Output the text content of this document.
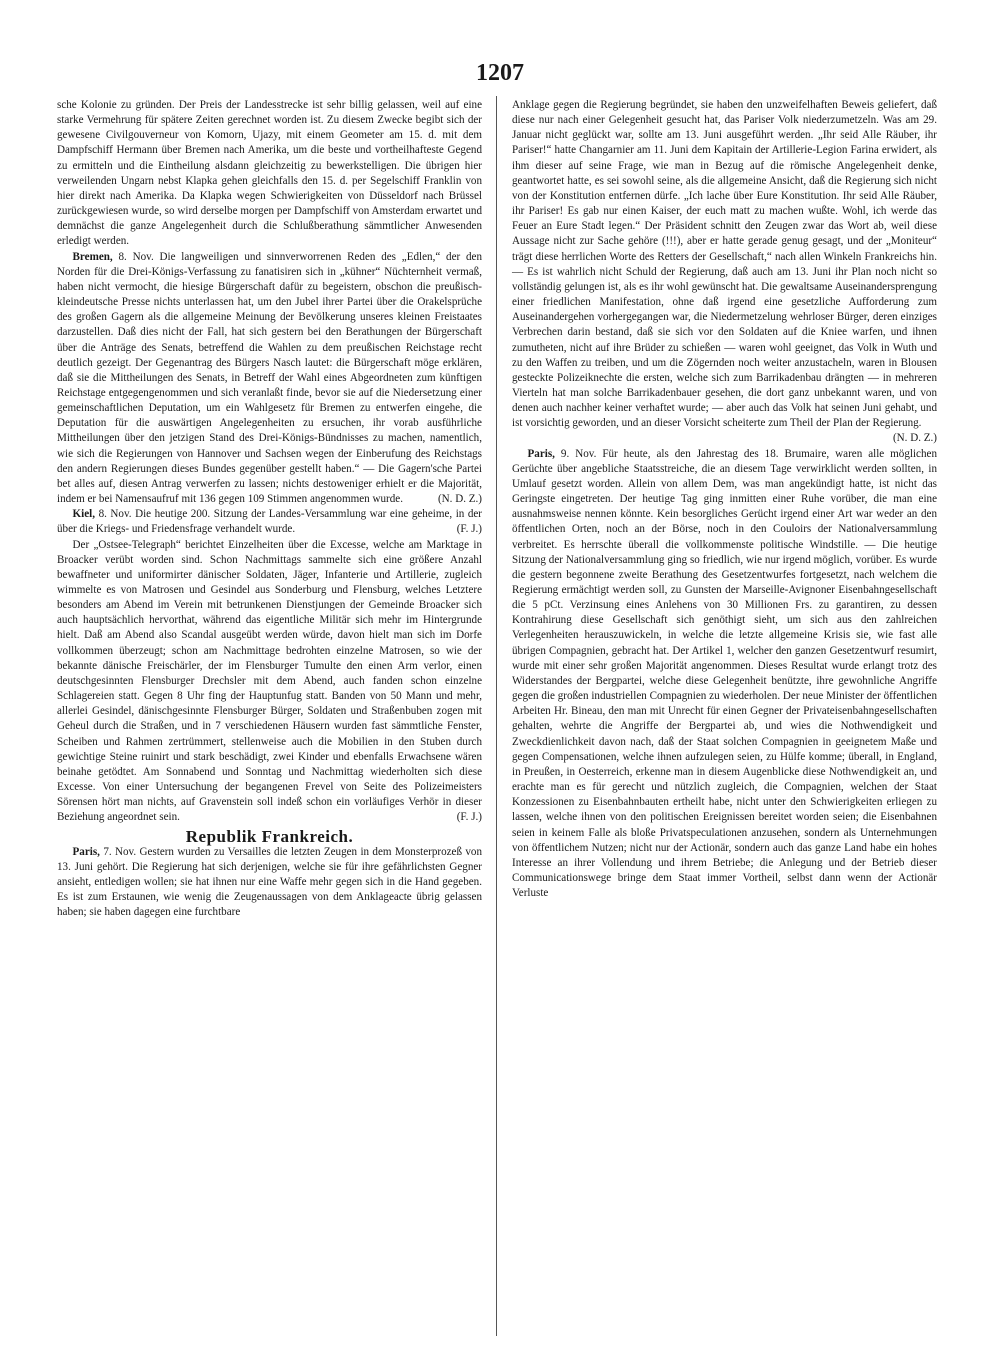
1207

sche Kolonie zu gründen. Der Preis der Landesstrecke ist sehr billig gelassen, weil auf eine starke Vermehrung für spätere Zeiten gerechnet worden ist. Zu diesem Zwecke begibt sich der gewesene Civilgouverneur von Komorn, Ujazy, mit einem Geometer am 15. d. mit dem Dampfschiff Hermann über Bremen nach Amerika, um die beste und vortheilhafteste Gegend zu ermitteln und die Eintheilung alsdann gleichzeitig zu bewerkstelligen. Die übrigen hier verweilenden Ungarn nebst Klapka gehen gleichfalls den 15. d. per Segelschiff Franklin von hier direkt nach Amerika. Da Klapka wegen Schwierigkeiten von Düsseldorf nach Brüssel zurückgewiesen wurde, so wird derselbe morgen per Dampfschiff von Amsterdam erwartet und demnächst die ganze Angelegenheit durch die Schlußberathung sämmtlicher Anwesenden erledigt werden.

Bremen, 8. Nov. Die langweiligen und sinnverworrenen Reden des „Edlen,“ der den Norden für die Drei-Königs-Verfassung zu fanatisiren sich in „kühner“ Nüchternheit vermaß, haben nicht vermocht, die hiesige Bürgerschaft dafür zu begeistern, obschon die preußisch-kleindeutsche Presse nichts unterlassen hat, um den Jubel ihrer Partei über die Orakelsprüche des großen Gagern als die allgemeine Meinung der Bevölkerung unseres kleinen Freistaates darzustellen. Daß dies nicht der Fall, hat sich gestern bei den Berathungen der Bürgerschaft über die Anträge des Senats, betreffend die Wahlen zu dem preußischen Reichstage recht deutlich gezeigt. Der Gegenantrag des Bürgers Nasch lautet: die Bürgerschaft möge erklären, daß sie die Mittheilungen des Senats, in Betreff der Wahl eines Abgeordneten zum künftigen Reichstage entgegengenommen und sich veranlaßt finde, bevor sie auf die Niedersetzung einer gemeinschaftlichen Deputation, um ein Wahlgesetz für Bremen zu entwerfen eingehe, die Deputation für die auswärtigen Angelegenheiten zu ersuchen, ihr vorab ausführliche Mittheilungen über den jetzigen Stand des Drei-Königs-Bündnisses zu machen, namentlich, wie sich die Regierungen von Hannover und Sachsen wegen der Einberufung des Reichstags den andern Regierungen dieses Bundes gegenüber gestellt haben.“ — Die Gagern'sche Partei bet alles auf, diesen Antrag verwerfen zu lassen; nichts destoweniger erhielt er die Majorität, indem er bei Namensaufruf mit 136 gegen 109 Stimmen angenommen wurde.	(N. D. Z.)

Kiel, 8. Nov. Die heutige 200. Sitzung der Landes-Versammlung war eine geheime, in der über die Kriegs- und Friedensfrage verhandelt wurde.	(F. J.)

Der „Ostsee-Telegraph“ berichtet Einzelheiten über die Excesse, welche am Marktage in Broacker verübt worden sind. Schon Nachmittags sammelte sich eine größere Anzahl bewaffneter und uniformirter dänischer Soldaten, Jäger, Infanterie und Artillerie, zugleich wimmelte es von Matrosen und Gesindel aus Sonderburg und Flensburg, welches Letztere besonders am Abend im Verein mit betrunkenen Dienstjungen der Gemeinde Broacker sich auch hauptsächlich hervorthat, während das eigentliche Militär sich mehr im Hintergrunde hielt. Daß am Abend also Scandal ausgeübt werden würde, davon hielt man sich im Dorfe vollkommen überzeugt; schon am Nachmittage bedrohten einzelne Matrosen, so wie der bekannte dänische Freischärler, der im Flensburger Tumulte den einen Arm verlor, einen deutschgesinnten Flensburger Drechsler mit dem Abend, auch fanden schon einzelne Schlagereien statt. Gegen 8 Uhr fing der Hauptunfug statt. Banden von 50 Mann und mehr, allerlei Gesindel, dänischgesinnte Flensburger Bürger, Soldaten und Straßenbuben zogen mit Geheul durch die Straßen, und in 7 verschiedenen Häusern wurden fast sämmtliche Fenster, Scheiben und Rahmen zertrümmert, stellenweise auch die Mobilien in den Stuben durch gewichtige Steine ruinirt und stark beschädigt, zwei Kinder und ebenfalls Erwachsene wären beinahe getödtet. Am Sonnabend und Sonntag und Nachmittag wiederholten sich diese Excesse. Von einer Untersuchung der begangenen Frevel von Seite des Polizeimeisters Sörensen hört man nichts, auf Gravenstein soll indeß schon ein vorläufiges Verhör in dieser Beziehung angeordnet sein.	(F. J.)

Republik Frankreich.

Paris, 7. Nov. Gestern wurden zu Versailles die letzten Zeugen in dem Monsterprozeß von 13. Juni gehört. Die Regierung hat sich derjenigen, welche sie für ihre gefährlichsten Gegner ansieht, entledigen wollen; sie hat ihnen nur eine Waffe mehr gegen sich in die Hand gegeben. Es ist zum Erstaunen, wie wenig die Zeugenaussagen von dem Anklageacte übrig gelassen haben; sie haben dagegen eine furchtbare

Anklage gegen die Regierung begründet, sie haben den unzweifelhaften Beweis geliefert, daß diese nur nach einer Gelegenheit gesucht hat, das Pariser Volk niederzumetzeln. Was am 29. Januar nicht geglückt war, sollte am 13. Juni ausgeführt werden. „Ihr seid Alle Räuber, ihr Pariser!“ hatte Changarnier am 11. Juni dem Kapitain der Artillerie-Legion Farina erwidert, als ihm dieser auf seine Frage, wie man in Bezug auf die römische Angelegenheit denke, geantwortet hatte, es sei sowohl seine, als die allgemeine Ansicht, daß die Regierung sich nicht von der Konstitution entfernen dürfe. „Ich lache über Eure Konstitution. Ihr seid Alle Räuber, ihr Pariser! Es gab nur einen Kaiser, der euch matt zu machen wußte. Wohl, ich werde das Feuer an Eure Stadt legen.“ Der Präsident schnitt den Zeugen zwar das Wort ab, weil diese Aussage nicht zur Sache gehöre (!!!), aber er hatte gerade genug gesagt, und der „Moniteur“ trägt diese herrlichen Worte des Retters der Gesellschaft,“ nach allen Winkeln Frankreichs hin. — Es ist wahrlich nicht Schuld der Regierung, daß auch am 13. Juni ihr Plan noch nicht so vollständig gelungen ist, als es ihr wohl gewünscht hat. Die gewaltsame Auseinandersprengung einer friedlichen Manifestation, ohne daß irgend eine gesetzliche Aufforderung zum Auseinandergehen vorhergegangen war, die Niedermetzelung wehrloser Bürger, deren einziges Verbrechen darin bestand, daß sie sich vor den Soldaten auf die Kniee warfen, und ihnen zumutheten, nicht auf ihre Brüder zu schießen — waren wohl geeignet, das Volk in Wuth und zu den Waffen zu treiben, und um die Zögernden noch weiter anzustacheln, waren in Blousen gesteckte Polizeiknechte die ersten, welche sich zum Barrikadenbau drängten — in mehreren Vierteln hat man solche Barrikadenbauer gesehen, die dort ganz unbekannt waren, und von denen auch nachher keiner verhaftet wurde; — aber auch das Volk hat seinen Juni gehabt, und ist vorsichtig geworden, und an dieser Vorsicht scheiterte zum Theil der Plan der Regierung.
(N. D. Z.)

Paris, 9. Nov. Für heute, als den Jahrestag des 18. Brumaire, waren alle möglichen Gerüchte über angebliche Staatsstreiche, die an diesem Tage verwirklicht werden sollten, in Umlauf gesetzt worden. Allein von allem Dem, was man angekündigt hatte, ist nicht das Geringste eingetreten. Der heutige Tag ging inmitten einer Ruhe vorüber, die man eine ausnahmsweise nennen könnte. Kein besorgliches Gerücht irgend einer Art war weder an den öffentlichen Orten, noch an der Börse, noch in den Couloirs der Nationalversammlung verbreitet. Es herrschte überall die vollkommenste politische Windstille. — Die heutige Sitzung der Nationalversammlung ging so friedlich, wie nur irgend möglich, vorüber. Es wurde die gestern begonnene zweite Berathung des Gesetzentwurfes fortgesetzt, nach welchem die Regierung ermächtigt werden soll, zu Gunsten der Marseille-Avignoner Eisenbahngesellschaft die 5 pCt. Verzinsung eines Anlehens von 30 Millionen Frs. zu garantiren, zu dessen Kontrahirung diese Gesellschaft sich genöthigt sieht, um sich aus den zahlreichen Verlegenheiten herauszuwickeln, in welche die letzte allgemeine Krisis sie, wie fast alle übrigen Compagnien, gebracht hat. Der Artikel 1, welcher den ganzen Gesetzentwurf resumirt, wurde mit einer sehr großen Majorität angenommen. Dieses Resultat wurde erlangt trotz des Widerstandes der Bergpartei, welche diese Gelegenheit benützte, ihre gewohnliche Angriffe gegen die großen industriellen Compagnien zu wiederholen. Der neue Minister der öffentlichen Arbeiten Hr. Bineau, den man mit Unrecht für einen Gegner der Privateisenbahngesellschaften gehalten, wehrte die Angriffe der Bergpartei ab, und wies die Nothwendigkeit und Zweckdienlichkeit davon nach, daß der Staat solchen Compagnien in geeignetem Maße und gegen Compensationen, welche ihnen aufzulegen seien, zu Hülfe komme; überall, in England, in Preußen, in Oesterreich, erkenne man in diesem Augenblicke diese Nothwendigkeit an, und erachte man es für gerecht und nützlich zugleich, die Compagnien, welchen der Staat Konzessionen zu Eisenbahnbauten ertheilt habe, nicht unter den Schwierigkeiten erliegen zu lassen, welche ihnen von den politischen Ereignissen bereitet worden seien; die Eisenbahnen seien in keinem Falle als bloße Privatspeculationen anzusehen, sondern als Unternehmungen von öffentlichem Nutzen; nicht nur der Actionär, sondern auch das ganze Land habe ein hohes Interesse an ihrer Vollendung und ihrem Betriebe; die Anlegung und der Betrieb dieser Communicationswege bringe dem Staat immer Vortheil, selbst dann wenn der Actionär Verluste
